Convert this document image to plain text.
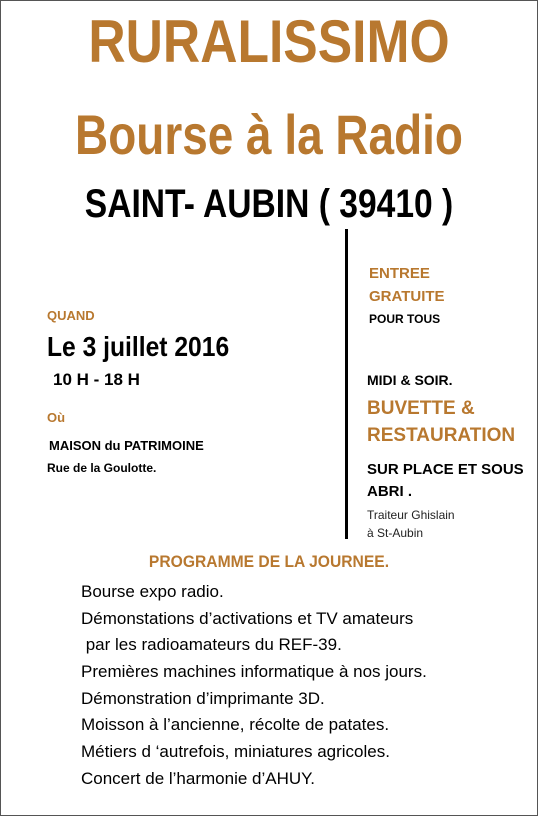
RURALISSIMO
Bourse à la Radio
SAINT- AUBIN ( 39410 )
QUAND
Le 3 juillet 2016
10 H - 18 H
Où
MAISON du PATRIMOINE
Rue de la Goulotte.
ENTREE
GRATUITE
POUR TOUS
MIDI & SOIR.
BUVETTE &
RESTAURATION
SUR PLACE ET SOUS
ABRI .
Traiteur Ghislain
à St-Aubin
PROGRAMME DE LA JOURNEE.
Bourse expo radio.
Démonstations d’activations et TV amateurs
par les radioamateurs du REF-39.
Premières machines informatique à nos jours.
Démonstration d’imprimante 3D.
Moisson à l’ancienne, récolte de patates.
Métiers d ‘autrefois, miniatures agricoles.
Concert de l’harmonie d’AHUY.
